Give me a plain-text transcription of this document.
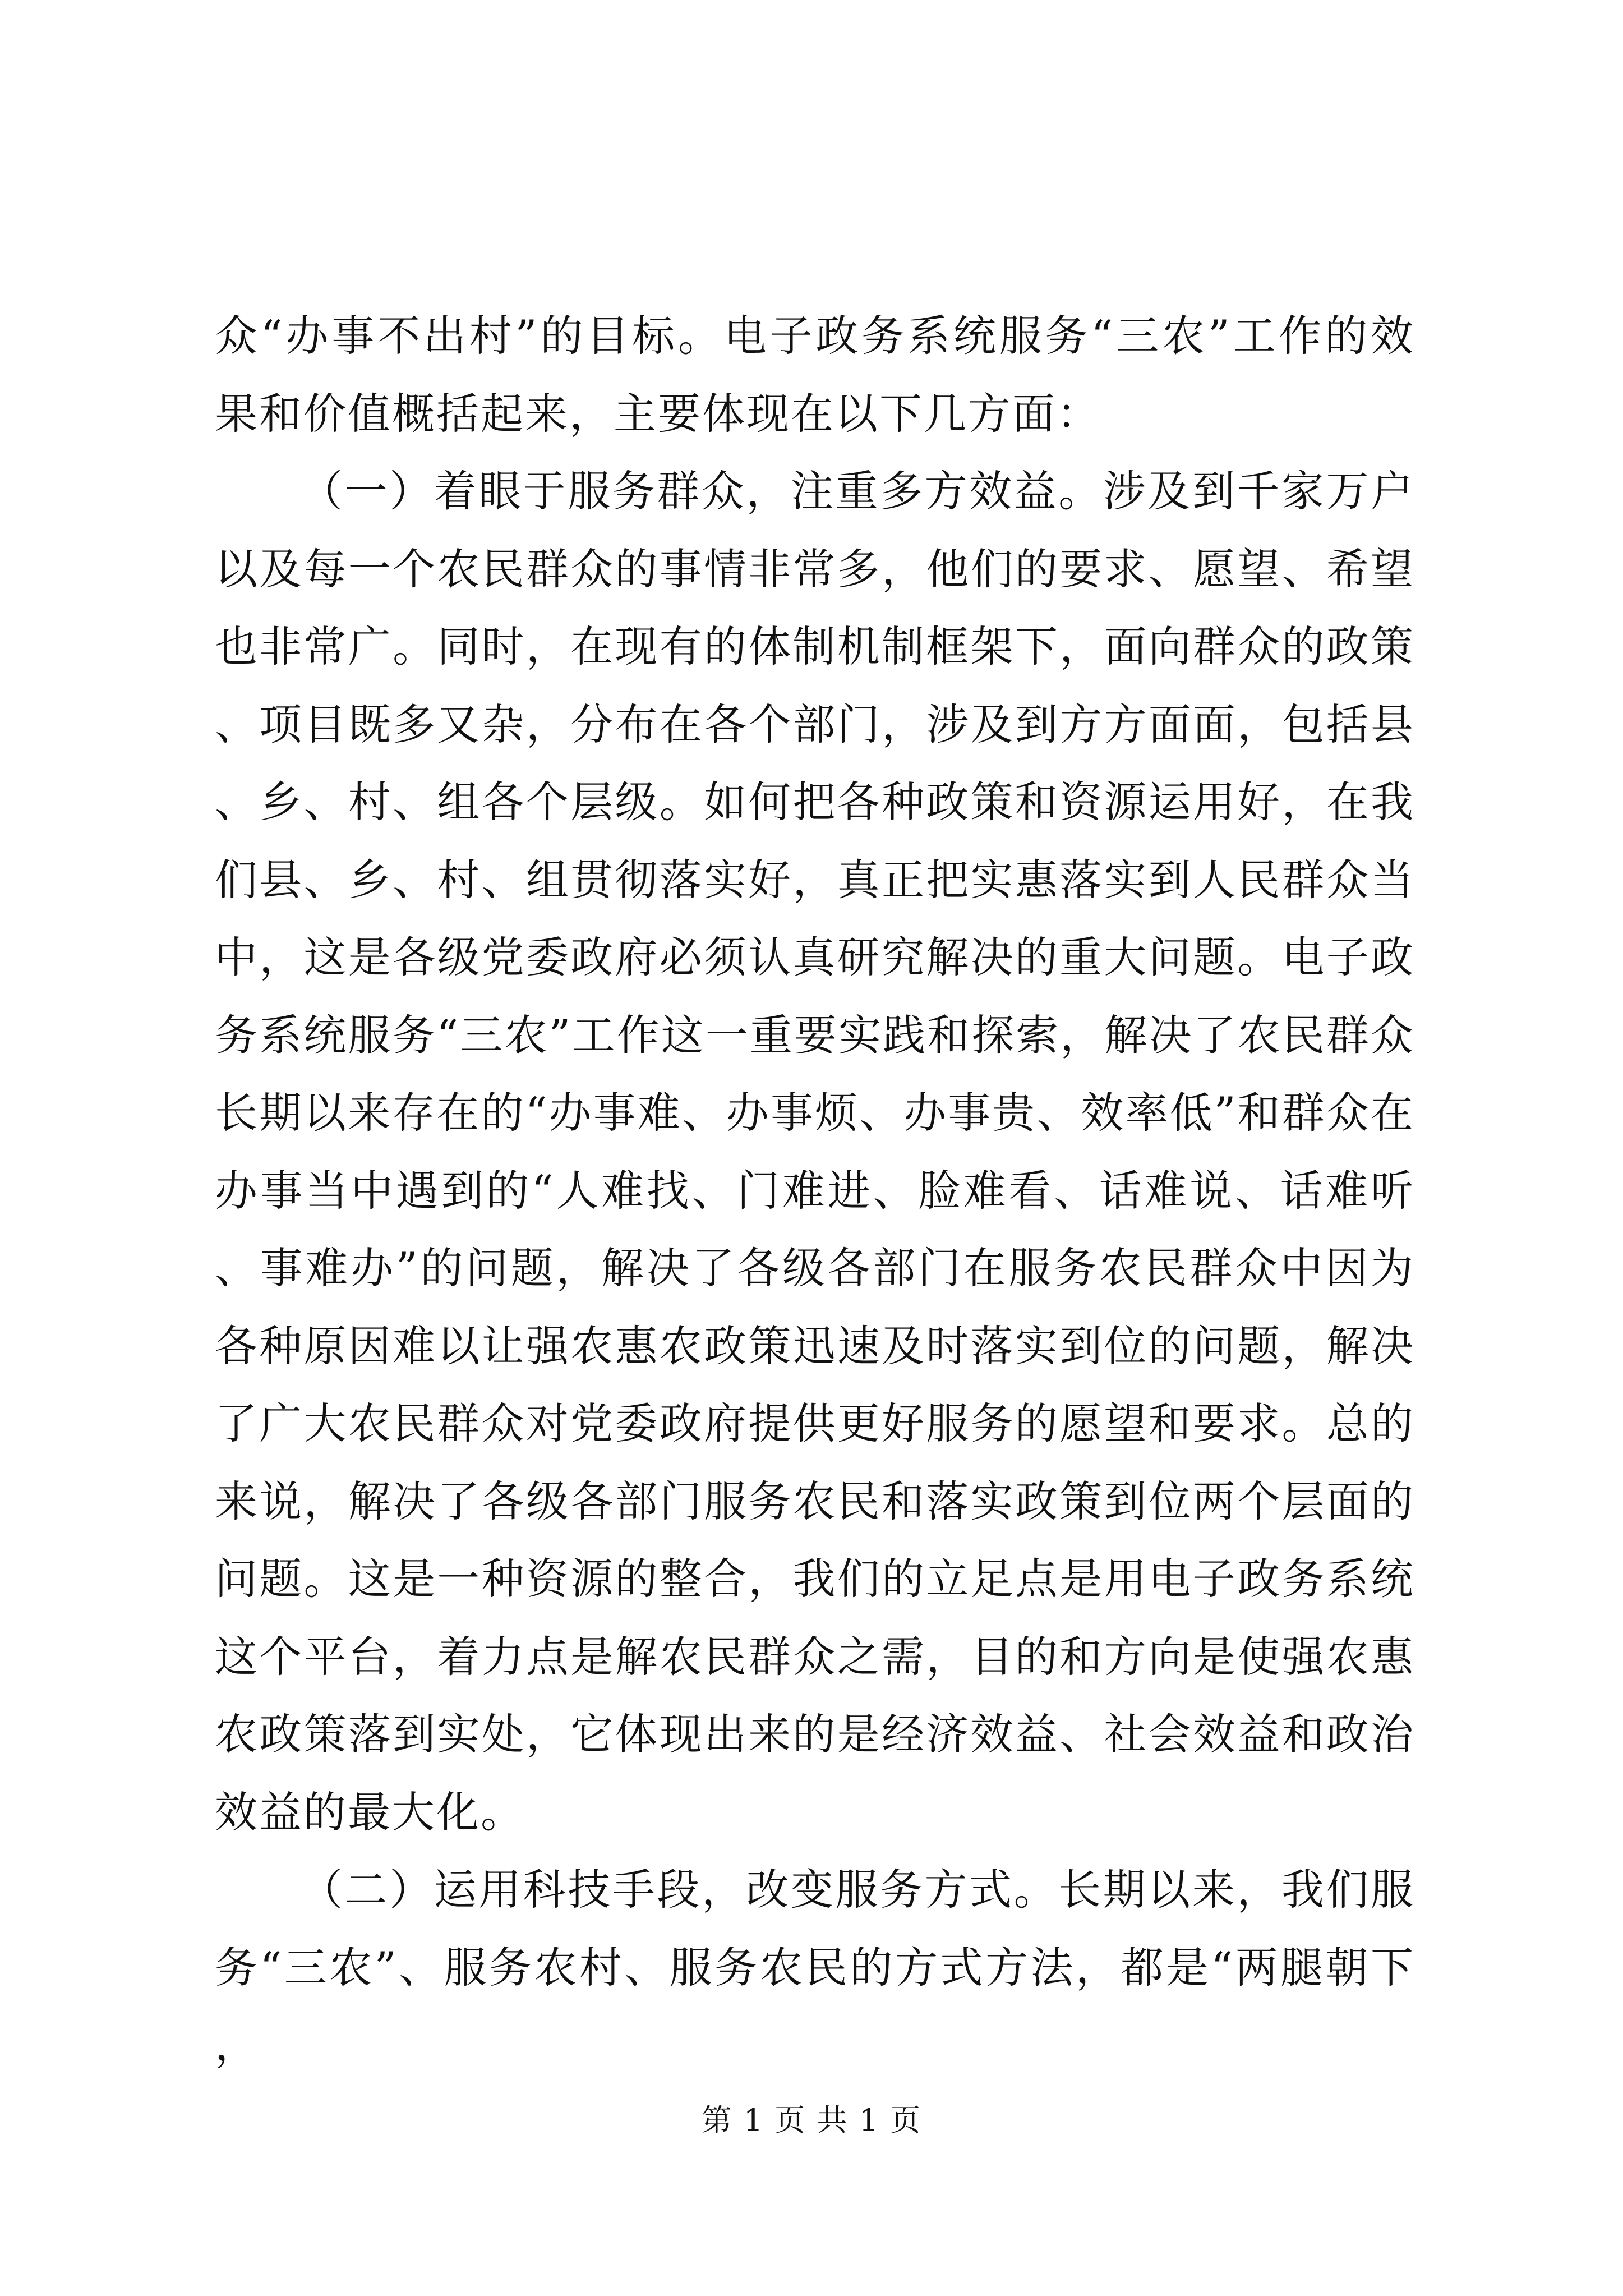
众“办事不出村”的目标。电子政务系统服务“三农”工作的效果和价值概括起来，主要体现在以下几方面：

（一）着眼于服务群众，注重多方效益。涉及到千家万户以及每一个农民群众的事情非常多，他们的要求、愿望、希望也非常广。同时，在现有的体制机制框架下，面向群众的政策、项目既多又杂，分布在各个部门，涉及到方方面面，包括县、乡、村、组各个层级。如何把各种政策和资源运用好，在我们县、乡、村、组贯彻落实好，真正把实惠落实到人民群众当中，这是各级党委政府必须认真研究解决的重大问题。电子政务系统服务“三农”工作这一重要实践和探索，解决了农民群众长期以来存在的“办事难、办事烦、办事贵、效率低”和群众在办事当中遇到的“人难找、门难进、脸难看、话难说、话难听、事难办”的问题，解决了各级各部门在服务农民群众中因为各种原因难以让强农惠农政策迅速及时落实到位的问题，解决了广大农民群众对党委政府提供更好服务的愿望和要求。总的来说，解决了各级各部门服务农民和落实政策到位两个层面的问题。这是一种资源的整合，我们的立足点是用电子政务系统这个平台，着力点是解农民群众之需，目的和方向是使强农惠农政策落到实处，它体现出来的是经济效益、社会效益和政治效益的最大化。

（二）运用科技手段，改变服务方式。长期以来，我们服务“三农”、服务农村、服务农民的方式方法，都是“两腿朝下，

第 1 页 共 1 页
